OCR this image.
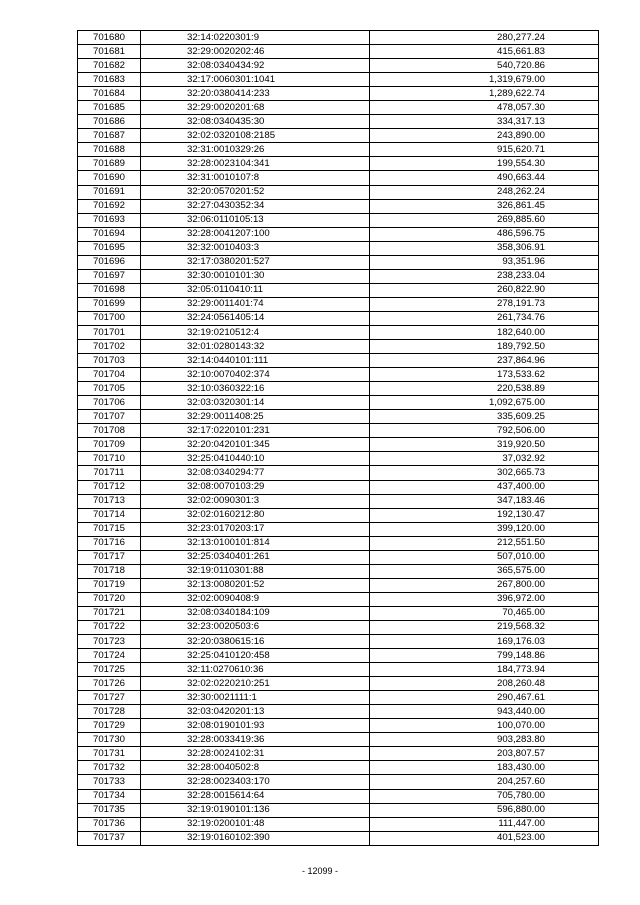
701680	32:14:0220301:9	280,277.24
701681	32:29:0020202:46	415,661.83
701682	32:08:0340434:92	540,720.86
701683	32:17:0060301:1041	1,319,679.00
701684	32:20:0380414:233	1,289,622.74
701685	32:29:0020201:68	478,057.30
701686	32:08:0340435:30	334,317.13
701687	32:02:0320108:2185	243,890.00
701688	32:31:0010329:26	915,620.71
701689	32:28:0023104:341	199,554.30
701690	32:31:0010107:8	490,663.44
701691	32:20:0570201:52	248,262.24
701692	32:27:0430352:34	326,861.45
701693	32:06:0110105:13	269,885.60
701694	32:28:0041207:100	486,596.75
701695	32:32:0010403:3	358,306.91
701696	32:17:0380201:527	93,351.96
701697	32:30:0010101:30	238,233.04
701698	32:05:0110410:11	260,822.90
701699	32:29:0011401:74	278,191.73
701700	32:24:0561405:14	261,734.76
701701	32:19:0210512:4	182,640.00
701702	32:01:0280143:32	189,792.50
701703	32:14:0440101:111	237,864.96
701704	32:10:0070402:374	173,533.62
701705	32:10:0360322:16	220,538.89
701706	32:03:0320301:14	1,092,675.00
701707	32:29:0011408:25	335,609.25
701708	32:17:0220101:231	792,506.00
701709	32:20:0420101:345	319,920.50
701710	32:25:0410440:10	37,032.92
701711	32:08:0340294:77	302,665.73
701712	32:08:0070103:29	437,400.00
701713	32:02:0090301:3	347,183.46
701714	32:02:0160212:80	192,130.47
701715	32:23:0170203:17	399,120.00
701716	32:13:0100101:814	212,551.50
701717	32:25:0340401:261	507,010.00
701718	32:19:0110301:88	365,575.00
701719	32:13:0080201:52	267,800.00
701720	32:02:0090408:9	396,972.00
701721	32:08:0340184:109	70,465.00
701722	32:23:0020503:6	219,568.32
701723	32:20:0380615:16	169,176.03
701724	32:25:0410120:458	799,148.86
701725	32:11:0270610:36	184,773.94
701726	32:02:0220210:251	208,260.48
701727	32:30:0021111:1	290,467.61
701728	32:03:0420201:13	943,440.00
701729	32:08:0190101:93	100,070.00
701730	32:28:0033419:36	903,283.80
701731	32:28:0024102:31	203,807.57
701732	32:28:0040502:8	183,430.00
701733	32:28:0023403:170	204,257.60
701734	32:28:0015614:64	705,780.00
701735	32:19:0190101:136	596,880.00
701736	32:19:0200101:48	111,447.00
701737	32:19:0160102:390	401,523.00
- 12099 -
